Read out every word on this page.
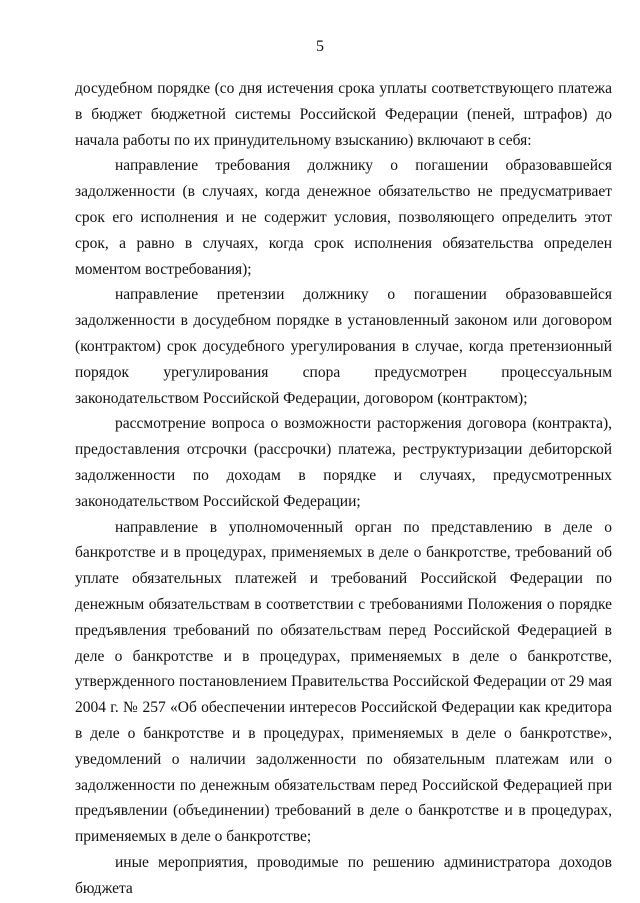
5

досудебном порядке (со дня истечения срока уплаты соответствующего платежа в бюджет бюджетной системы Российской Федерации (пеней, штрафов) до начала работы по их принудительному взысканию) включают в себя:

направление требования должнику о погашении образовавшейся задолженности (в случаях, когда денежное обязательство не предусматривает срок его исполнения и не содержит условия, позволяющего определить этот срок, а равно в случаях, когда срок исполнения обязательства определен моментом востребования);

направление претензии должнику о погашении образовавшейся задолженности в досудебном порядке в установленный законом или договором (контрактом) срок досудебного урегулирования в случае, когда претензионный порядок урегулирования спора предусмотрен процессуальным законодательством Российской Федерации, договором (контрактом);

рассмотрение вопроса о возможности расторжения договора (контракта), предоставления отсрочки (рассрочки) платежа, реструктуризации дебиторской задолженности по доходам в порядке и случаях, предусмотренных законодательством Российской Федерации;

направление в уполномоченный орган по представлению в деле о банкротстве и в процедурах, применяемых в деле о банкротстве, требований об уплате обязательных платежей и требований Российской Федерации по денежным обязательствам в соответствии с требованиями Положения о порядке предъявления требований по обязательствам перед Российской Федерацией в деле о банкротстве и в процедурах, применяемых в деле о банкротстве, утвержденного постановлением Правительства Российской Федерации от 29 мая 2004 г. № 257 «Об обеспечении интересов Российской Федерации как кредитора в деле о банкротстве и в процедурах, применяемых в деле о банкротстве», уведомлений о наличии задолженности по обязательным платежам или о задолженности по денежным обязательствам перед Российской Федерацией при предъявлении (объединении) требований в деле о банкротстве и в процедурах, применяемых в деле о банкротстве;

иные мероприятия, проводимые по решению администратора доходов бюджета
